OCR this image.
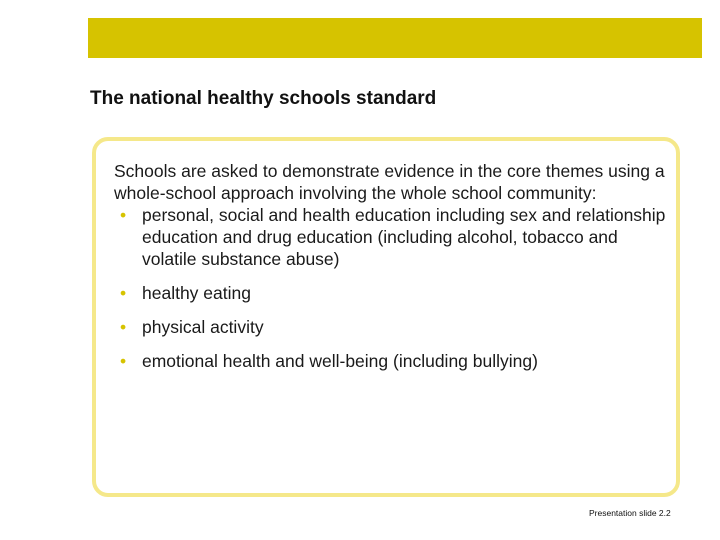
The national healthy schools standard

Schools are asked to demonstrate evidence in the core themes using a whole-school approach involving the whole school community:

• personal, social and health education including sex and relationship education and drug education (including alcohol, tobacco and volatile substance abuse)
• healthy eating
• physical activity
• emotional health and well-being (including bullying)
Presentation slide 2.2
